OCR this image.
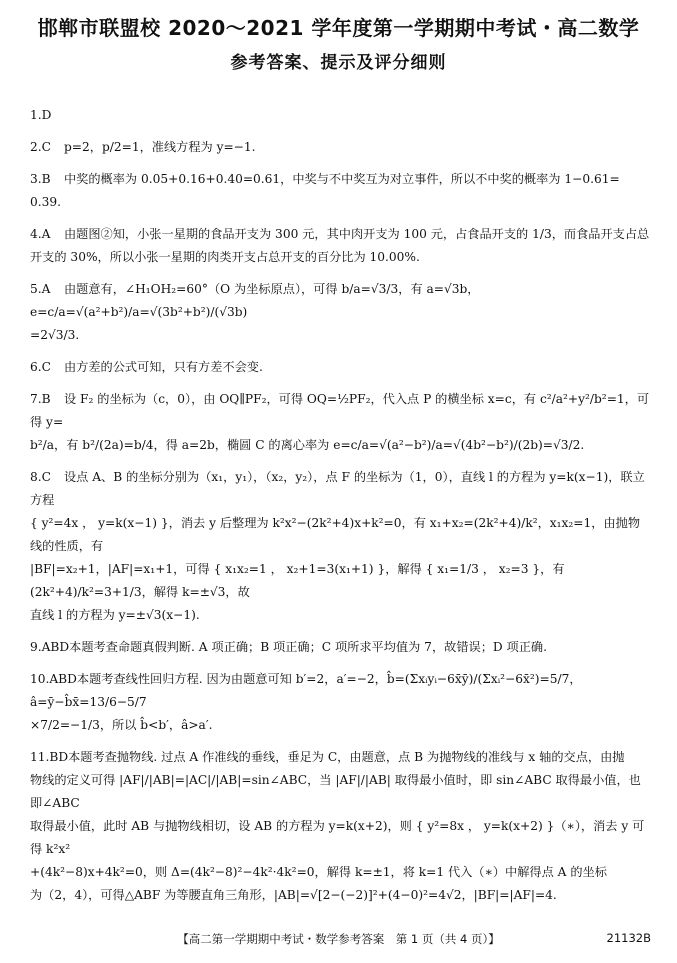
邯郸市联盟校 2020～2021 学年度第一学期期中考试・高二数学
参考答案、提示及评分细则

1.D

2.C p=2，p/2=1，准线方程为 y=−1.

3.B 中奖的概率为 0.05+0.16+0.40=0.61，中奖与不中奖互为对立事件，所以不中奖的概率为 1−0.61=

0.39.

4.A 由题图②知，小张一星期的食品开支为 300 元，其中肉开支为 100 元，占食品开支的 1/3，而食品开支占总

开支的 30%，所以小张一星期的肉类开支占总开支的百分比为 10.00%.

5.A 由题意有，∠H₁OH₂=60°（O 为坐标原点），可得 b/a=√3/3，有 a=√3b，e=c/a=√(a²+b²)/a=√(3b²+b²)/(√3b)

=2√3/3.

6.C 由方差的公式可知，只有方差不会变.

7.B 设 F₂ 的坐标为（c，0），由 OQ∥PF₂，可得 OQ=½PF₂，代入点 P 的横坐标 x=c，有 c²/a²+y²/b²=1，可得 y=

b²/a，有 b²/(2a)=b/4，得 a=2b，椭圆 C 的离心率为 e=c/a=√(a²−b²)/a=√(4b²−b²)/(2b)=√3/2.

8.C 设点 A、B 的坐标分别为（x₁，y₁），（x₂，y₂），点 F 的坐标为（1，0），直线 l 的方程为 y=k(x−1)，联立方程

{ y²=4x ， y=k(x−1) }，消去 y 后整理为 k²x²−(2k²+4)x+k²=0，有 x₁+x₂=(2k²+4)/k²，x₁x₂=1，由抛物线的性质，有

|BF|=x₂+1，|AF|=x₁+1，可得 { x₁x₂=1 ， x₂+1=3(x₁+1) }，解得 { x₁=1/3 ， x₂=3 }，有 (2k²+4)/k²=3+1/3，解得 k=±√3，故

直线 l 的方程为 y=±√3(x−1).

9.ABD本题考查命题真假判断. A 项正确；B 项正确；C 项所求平均值为 7，故错误；D 项正确.

10.ABD本题考查线性回归方程. 因为由题意可知 b′=2，a′=−2，b̂=(Σxᵢyᵢ−6x̄ȳ)/(Σxᵢ²−6x̄²)=5/7，â=ȳ−b̂x̄=13/6−5/7

×7/2=−1/3，所以 b̂<b′，â>a′.

11.BD本题考查抛物线. 过点 A 作准线的垂线，垂足为 C，由题意，点 B 为抛物线的准线与 x 轴的交点，由抛

物线的定义可得 |AF|/|AB|=|AC|/|AB|=sin∠ABC，当 |AF|/|AB| 取得最小值时，即 sin∠ABC 取得最小值，也即∠ABC

取得最小值，此时 AB 与抛物线相切，设 AB 的方程为 y=k(x+2)，则 { y²=8x ， y=k(x+2) }（∗），消去 y 可得 k²x²

+(4k²−8)x+4k²=0，则 Δ=(4k²−8)²−4k²·4k²=0，解得 k=±1，将 k=1 代入（∗）中解得点 A 的坐标

为（2，4），可得△ABF 为等腰直角三角形，|AB|=√[2−(−2)]²+(4−0)²=4√2，|BF|=|AF|=4.

【高二第一学期期中考试・数学参考答案　第 1 页（共 4 页）】	21132B
